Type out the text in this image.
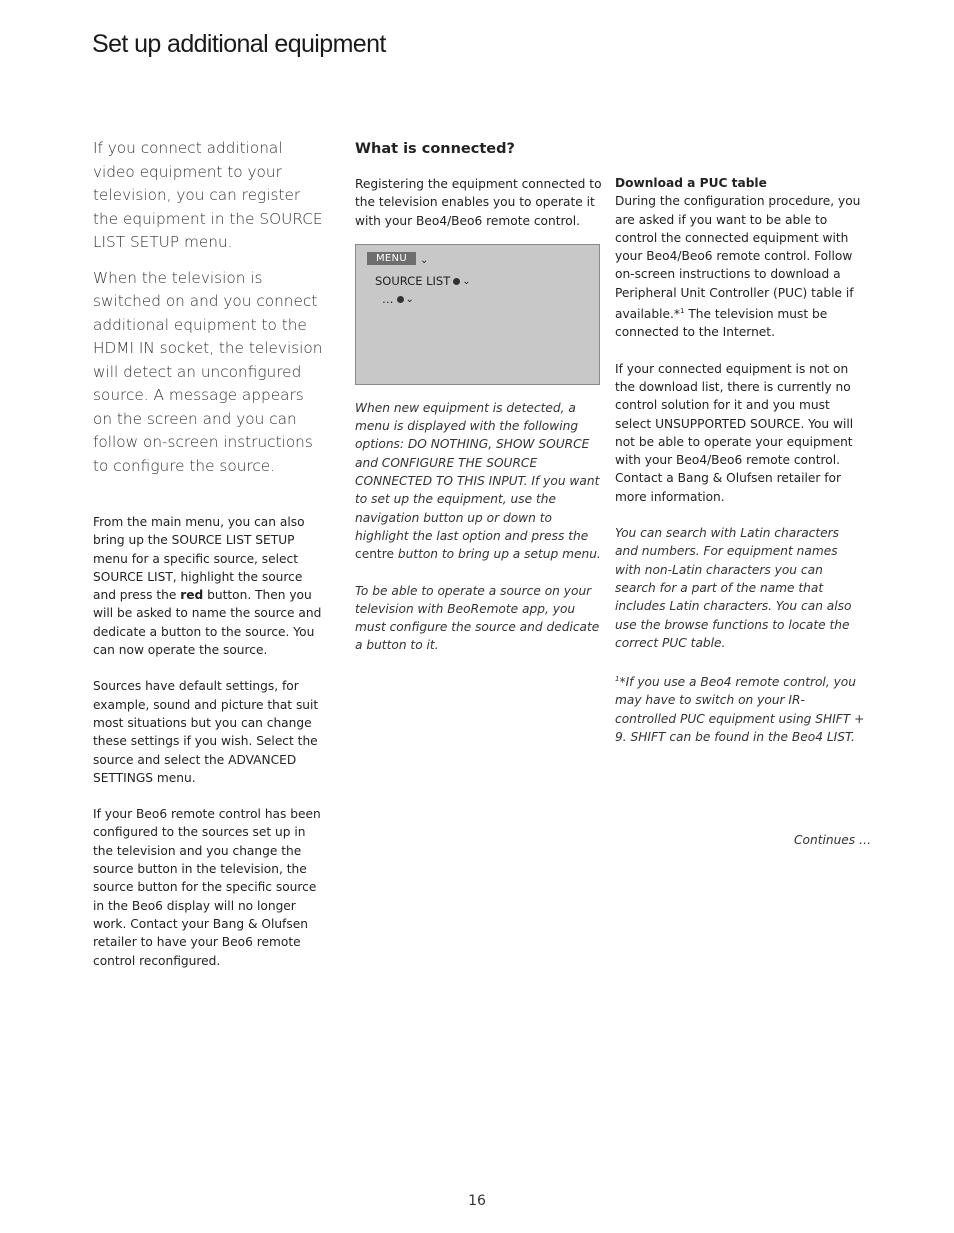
Set up additional equipment

If you connect additional video equipment to your television, you can register the equipment in the SOURCE LIST SETUP menu.

When the television is switched on and you connect additional equipment to the HDMI IN socket, the television will detect an unconfigured source. A message appears on the screen and you can follow on-screen instructions to configure the source.

From the main menu, you can also bring up the SOURCE LIST SETUP menu for a specific source, select SOURCE LIST, highlight the source and press the red button. Then you will be asked to name the source and dedicate a button to the source. You can now operate the source.

Sources have default settings, for example, sound and picture that suit most situations but you can change these settings if you wish. Select the source and select the ADVANCED SETTINGS menu.

If your Beo6 remote control has been configured to the sources set up in the television and you change the source button in the television, the source button for the specific source in the Beo6 display will no longer work. Contact your Bang & Olufsen retailer to have your Beo6 remote control reconfigured.

What is connected?

Registering the equipment connected to the television enables you to operate it with your Beo4/Beo6 remote control.

MENU	⌄
SOURCE LIST ⌄
… ⌄

When new equipment is detected, a menu is displayed with the following options: DO NOTHING, SHOW SOURCE and CONFIGURE THE SOURCE CONNECTED TO THIS INPUT. If you want to set up the equipment, use the navigation button up or down to highlight the last option and press the centre button to bring up a setup menu.

To be able to operate a source on your television with BeoRemote app, you must configure the source and dedicate a button to it.

Download a PUC table

During the configuration procedure, you are asked if you want to be able to control the connected equipment with your Beo4/Beo6 remote control. Follow on-screen instructions to download a Peripheral Unit Controller (PUC) table if available.*$^1$ The television must be connected to the Internet.

If your connected equipment is not on the download list, there is currently no control solution for it and you must select UNSUPPORTED SOURCE. You will not be able to operate your equipment with your Beo4/Beo6 remote control. Contact a Bang & Olufsen retailer for more information.

You can search with Latin characters and numbers. For equipment names with non-Latin characters you can search for a part of the name that includes Latin characters. You can also use the browse functions to locate the correct PUC table.

$^1$*If you use a Beo4 remote control, you may have to switch on your IR-controlled PUC equipment using SHIFT + 9. SHIFT can be found in the Beo4 LIST.

Continues …
16
